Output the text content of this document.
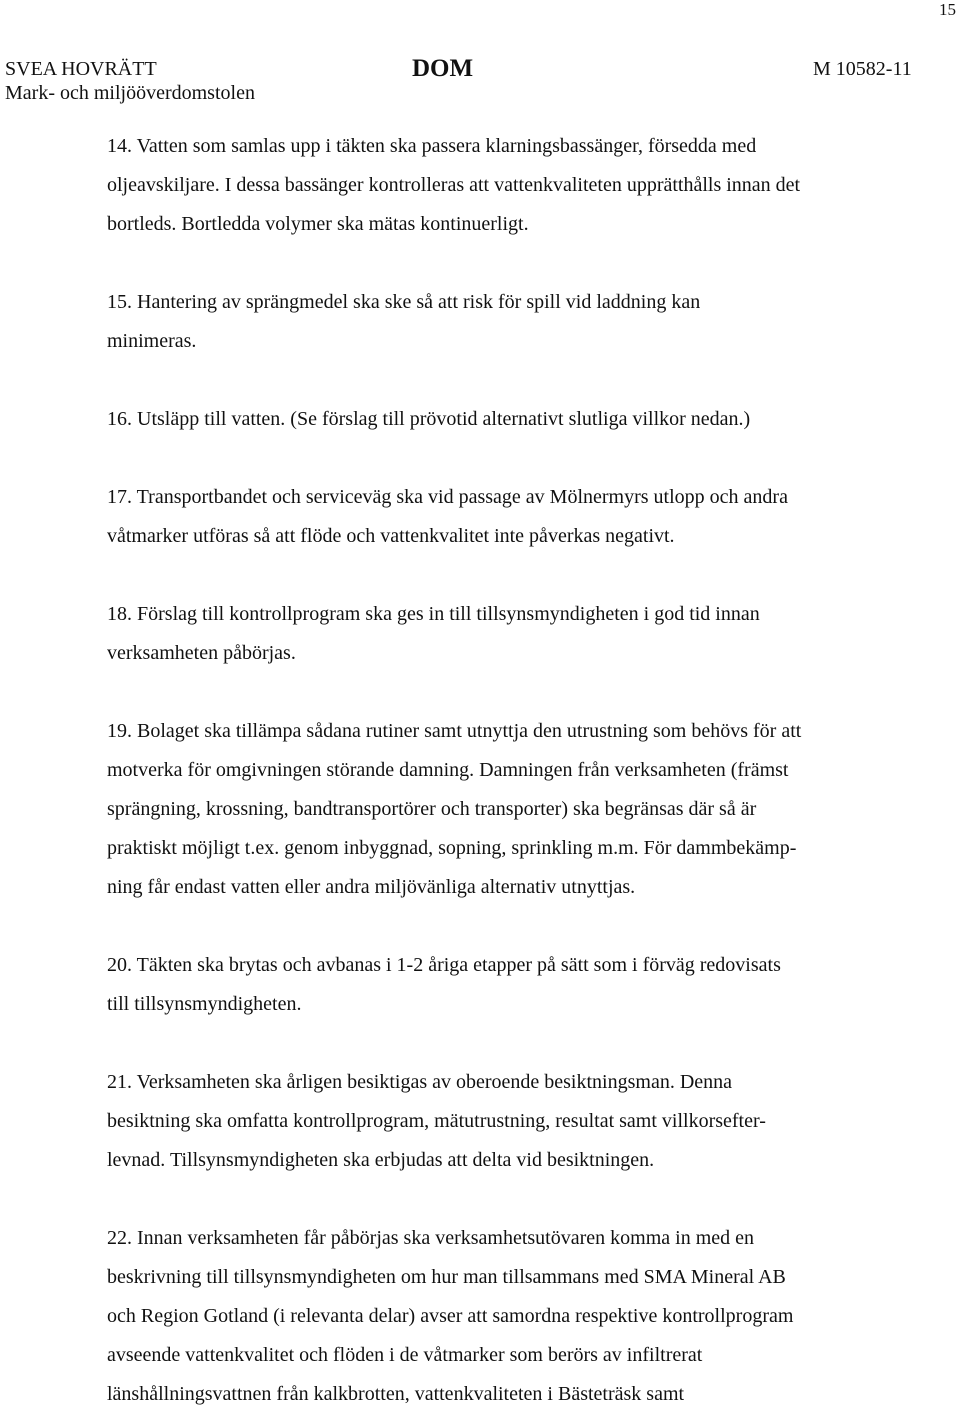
15
SVEA HOVRÄTT
Mark- och miljööverdomstolen
DOM	M 10582-11
14. Vatten som samlas upp i täkten ska passera klarningsbassänger, försedda med
oljeavskiljare. I dessa bassänger kontrolleras att vattenkvaliteten upprätthålls innan det
bortleds. Bortledda volymer ska mätas kontinuerligt.
15. Hantering av sprängmedel ska ske så att risk för spill vid laddning kan
minimeras.
16. Utsläpp till vatten. (Se förslag till prövotid alternativt slutliga villkor nedan.)
17. Transportbandet och serviceväg ska vid passage av Mölnermyrs utlopp och andra
våtmarker utföras så att flöde och vattenkvalitet inte påverkas negativt.
18. Förslag till kontrollprogram ska ges in till tillsynsmyndigheten i god tid innan
verksamheten påbörjas.
19. Bolaget ska tillämpa sådana rutiner samt utnyttja den utrustning som behövs för att
motverka för omgivningen störande damning. Damningen från verksamheten (främst
sprängning, krossning, bandtransportörer och transporter) ska begränsas där så är
praktiskt möjligt t.ex. genom inbyggnad, sopning, sprinkling m.m. För dammbekämp-
ning får endast vatten eller andra miljövänliga alternativ utnyttjas.
20. Täkten ska brytas och avbanas i 1-2 åriga etapper på sätt som i förväg redovisats
till tillsynsmyndigheten.
21. Verksamheten ska årligen besiktigas av oberoende besiktningsman. Denna
besiktning ska omfatta kontrollprogram, mätutrustning, resultat samt villkorsefter-
levnad. Tillsynsmyndigheten ska erbjudas att delta vid besiktningen.
22. Innan verksamheten får påbörjas ska verksamhetsutövaren komma in med en
beskrivning till tillsynsmyndigheten om hur man tillsammans med SMA Mineral AB
och Region Gotland (i relevanta delar) avser att samordna respektive kontrollprogram
avseende vattenkvalitet och flöden i de våtmarker som berörs av infiltrerat
länshållningsvattnen från kalkbrotten, vattenkvaliteten i Bästeträsk samt
